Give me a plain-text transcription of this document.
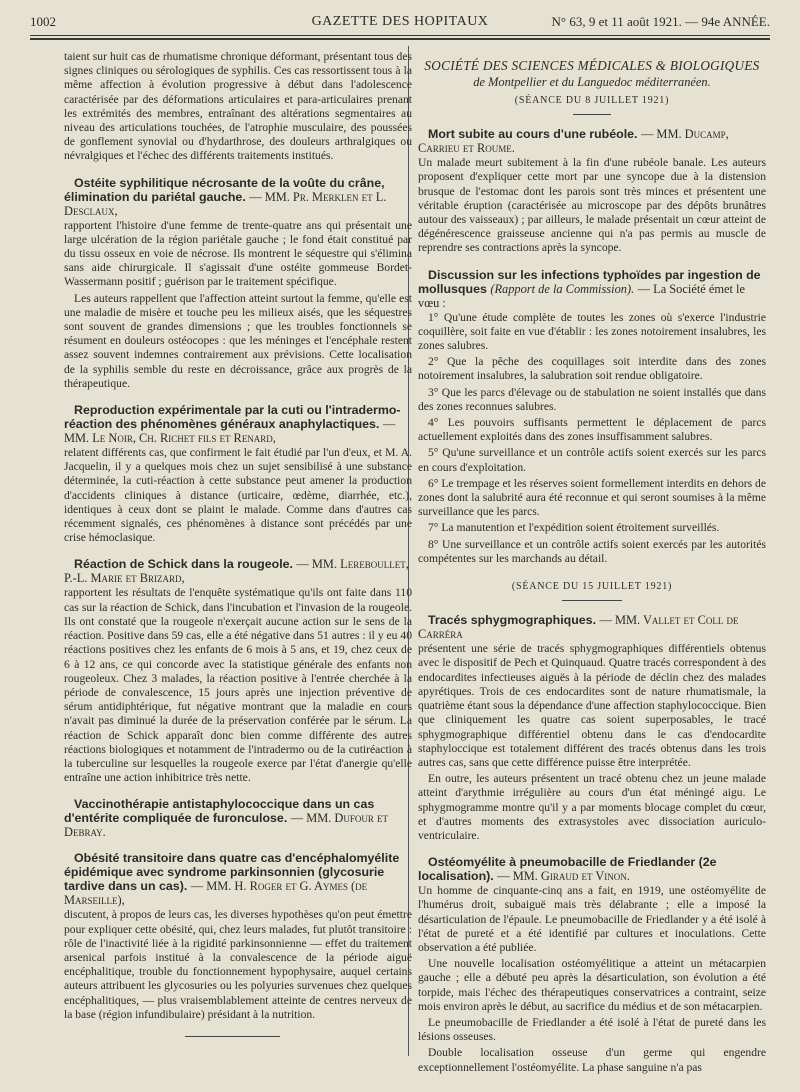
1002	GAZETTE DES HOPITAUX	N° 63, 9 et 11 août 1921. — 94e ANNÉE.

taient sur huit cas de rhumatisme chronique déformant, présentant tous des signes cliniques ou sérologiques de syphilis. Ces cas ressortissent tous à la même affection à évolution progressive à début dans l'adolescence caractérisée par des déformations articulaires et para-articulaires prenant les extrémités des membres, entraînant des altérations segmentaires au niveau des articulations touchées, de l'atrophie musculaire, des poussées de gonflement synovial ou d'hydarthrose, des douleurs arthralgiques ou névralgiques et l'échec des différents traitements institués.

Ostéite syphilitique nécrosante de la voûte du crâne, élimination du pariétal gauche. — MM. Pr. Merklen et L. Desclaux,

rapportent l'histoire d'une femme de trente-quatre ans qui présentait une large ulcération de la région pariétale gauche ; le fond était constitué par du tissu osseux en voie de nécrose. Ils montrent le séquestre qui s'élimina sans aide chirurgicale. Il s'agissait d'une ostéite gommeuse Bordet-Wassermann positif ; guérison par le traitement spécifique.

Les auteurs rappellent que l'affection atteint surtout la femme, qu'elle est une maladie de misère et touche peu les milieux aisés, que les séquestres sont souvent de grandes dimensions ; que les troubles fonctionnels se résument en douleurs ostéocopes : que les méninges et l'encéphale restent assez souvent indemnes contrairement aux prévisions. Cette localisation de la syphilis semble du reste en décroissance, grâce aux progrès de la thérapeutique.

Reproduction expérimentale par la cuti ou l'intradermo-réaction des phénomènes généraux anaphylactiques. — MM. Le Noir, Ch. Richet fils et Renard,

relatent différents cas, que confirment le fait étudié par l'un d'eux, et M. A. Jacquelin, il y a quelques mois chez un sujet sensibilisé à une substance déterminée, la cuti-réaction à cette substance peut amener la production d'accidents cliniques à distance (urticaire, œdème, diarrhée, etc.), identiques à ceux dont se plaint le malade. Comme dans d'autres cas récemment signalés, ces phénomènes à distance sont précédés par une crise hémoclasique.

Réaction de Schick dans la rougeole. — MM. Lereboullet, P.-L. Marie et Brizard,

rapportent les résultats de l'enquête systématique qu'ils ont faite dans 110 cas sur la réaction de Schick, dans l'incubation et l'invasion de la rougeole. Ils ont constaté que la rougeole n'exerçait aucune action sur le sens de la réaction. Positive dans 59 cas, elle a été négative dans 51 autres : il y eu 40 réactions positives chez les enfants de 6 mois à 5 ans, et 19, chez ceux de 6 à 12 ans, ce qui concorde avec la statistique générale des enfants non rougeoleux. Chez 3 malades, la réaction positive à l'entrée cherchée à la période de convalescence, 15 jours après une injection préventive de sérum antidiphtérique, fut négative montrant que la maladie en cours n'avait pas diminué la durée de la préservation conférée par le sérum. La réaction de Schick apparaît donc bien comme différente des autres réactions biologiques et notamment de l'intradermo ou de la cutiréaction à la tuberculine sur lesquelles la rougeole exerce par l'état d'anergie qu'elle entraîne une action inhibitrice très nette.

Vaccinothérapie antistaphylococcique dans un cas d'entérite compliquée de furonculose. — MM. Dufour et Debray.
Obésité transitoire dans quatre cas d'encéphalomyélite épidémique avec syndrome parkinsonnien (glycosurie tardive dans un cas). — MM. H. Roger et G. Aymes (de Marseille),

discutent, à propos de leurs cas, les diverses hypothèses qu'on peut émettre pour expliquer cette obésité, qui, chez leurs malades, fut plutôt transitoire : rôle de l'inactivité liée à la rigidité parkinsonnienne — effet du traitement arsenical parfois institué à la convalescence de la période aiguë encéphalitique, trouble du fonctionnement hypophysaire, auquel certains auteurs attribuent les glycosuries ou les polyuries survenues chez quelques encéphalitiques, — plus vraisemblablement atteinte de centres nerveux de la base (région infundibulaire) présidant à la nutrition.

SOCIÉTÉ DES SCIENCES MÉDICALES & BIOLOGIQUES
de Montpellier et du Languedoc méditerranéen.
(SÉANCE DU 8 JUILLET 1921)
Mort subite au cours d'une rubéole. — MM. Ducamp, Carrieu et Roume.

Un malade meurt subitement à la fin d'une rubéole banale. Les auteurs proposent d'expliquer cette mort par une syncope due à la distension brusque de l'estomac dont les parois sont très minces et présentent une véritable éruption (caractérisée au microscope par des dépôts brunâtres autour des vaisseaux) ; par ailleurs, le malade présentait un cœur atteint de dégénérescence graisseuse ancienne qui n'a pas permis au muscle de reprendre ses contractions après la syncope.

Discussion sur les infections typhoïdes par ingestion de mollusques (Rapport de la Commission). — La Société émet le vœu :

1° Qu'une étude complète de toutes les zones où s'exerce l'industrie coquillère, soit faite en vue d'établir : les zones notoirement insalubres, les zones salubres.

2° Que la pêche des coquillages soit interdite dans des zones notoirement insalubres, la salubration soit rendue obligatoire.

3° Que les parcs d'élevage ou de stabulation ne soient installés que dans des zones reconnues salubres.

4° Les pouvoirs suffisants permettent le déplacement de parcs actuellement exploités dans des zones insuffisamment salubres.

5° Qu'une surveillance et un contrôle actifs soient exercés sur les parcs en cours d'exploitation.

6° Le trempage et les réserves soient formellement interdits en dehors de zones dont la salubrité aura été reconnue et qui seront soumises à la même surveillance que les parcs.

7° La manutention et l'expédition soient étroitement surveillés.

8° Une surveillance et un contrôle actifs soient exercés par les autorités compétentes sur les marchands au détail.

(SÉANCE DU 15 JUILLET 1921)
Tracés sphygmographiques. — MM. Vallet et Coll de Carréra

présentent une série de tracés sphygmographiques différentiels obtenus avec le dispositif de Pech et Quinquaud. Quatre tracés correspondent à des endocardites infectieuses aiguës à la période de déclin chez des malades apyrétiques. Trois de ces endocardites sont de nature rhumatismale, la quatrième étant sous la dépendance d'une affection staphylococcique. Bien que cliniquement les quatre cas soient superposables, le tracé sphygmographique différentiel obtenu dans le cas d'endocardite staphyloccique est totalement différent des tracés obtenus dans les trois autres cas, sans que cette différence puisse être interprétée.

En outre, les auteurs présentent un tracé obtenu chez un jeune malade atteint d'arythmie irrégulière au cours d'un état méningé aigu. Le sphygmogramme montre qu'il y a par moments blocage complet du cœur, et d'autres moments des extrasystoles avec dissociation auriculo-ventriculaire.

Ostéomyélite à pneumobacille de Friedlander (2e localisation). — MM. Giraud et Vinon.

Un homme de cinquante-cinq ans a fait, en 1919, une ostéomyélite de l'humérus droit, subaiguë mais très délabrante ; elle a imposé la désarticulation de l'épaule. Le pneumobacille de Friedlander y a été isolé à l'état de pureté et a été identifié par cultures et inoculations. Cette observation a été publiée.

Une nouvelle localisation ostéomyélitique a atteint un métacarpien gauche ; elle a débuté peu après la désarticulation, son évolution a été torpide, mais l'échec des thérapeutiques conservatrices a contraint, seize mois environ après le début, au sacrifice du médius et de son métacarpien.

Le pneumobacille de Friedlander a été isolé à l'état de pureté dans les lésions osseuses.

Double localisation osseuse d'un germe qui engendre exceptionnellement l'ostéomyélite. La phase sanguine n'a pas
